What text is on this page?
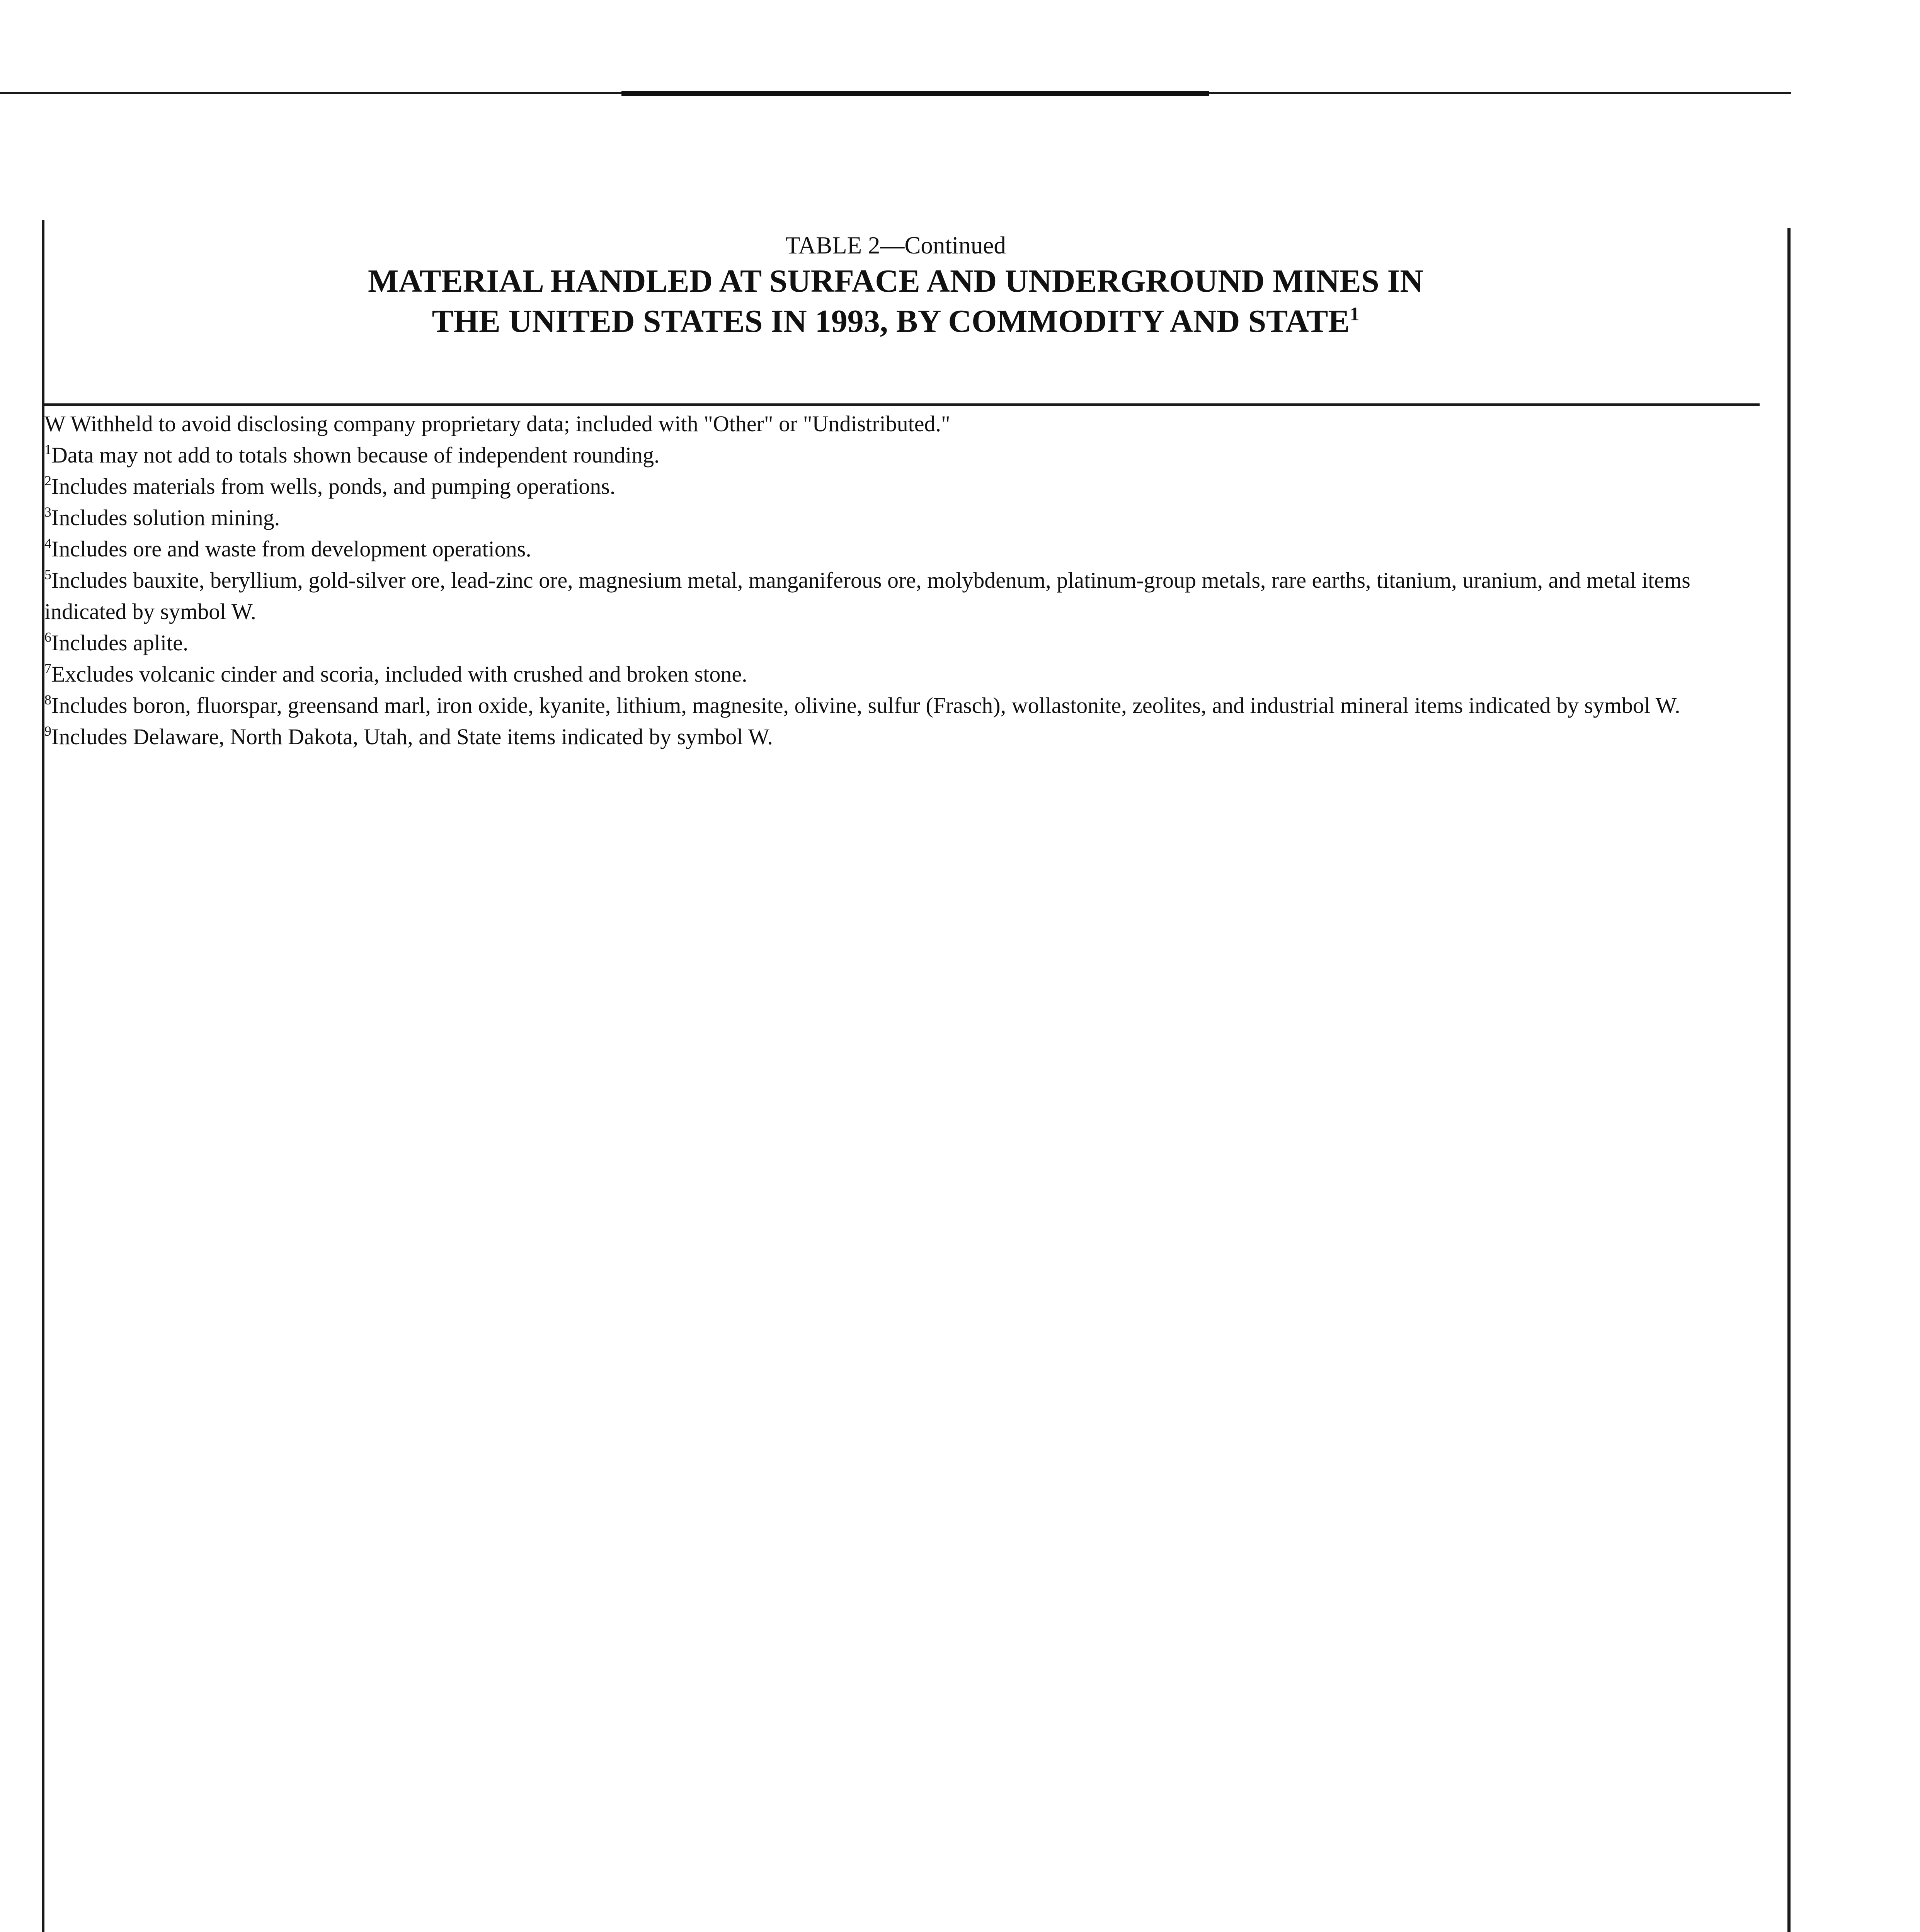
TABLE 2—Continued
MATERIAL HANDLED AT SURFACE AND UNDERGROUND MINES IN
THE UNITED STATES IN 1993, BY COMMODITY AND STATE$^1$
W Withheld to avoid disclosing company proprietary data; included with "Other" or "Undistributed."
$^1$Data may not add to totals shown because of independent rounding.
$^2$Includes materials from wells, ponds, and pumping operations.
$^3$Includes solution mining.
$^4$Includes ore and waste from development operations.
$^5$Includes bauxite, beryllium, gold-silver ore, lead-zinc ore, magnesium metal, manganiferous ore, molybdenum, platinum-group metals, rare earths, titanium, uranium, and metal items indicated by symbol W.
$^6$Includes aplite.
$^7$Excludes volcanic cinder and scoria, included with crushed and broken stone.
$^8$Includes boron, fluorspar, greensand marl, iron oxide, kyanite, lithium, magnesite, olivine, sulfur (Frasch), wollastonite, zeolites, and industrial mineral items indicated by symbol W.
$^9$Includes Delaware, North Dakota, Utah, and State items indicated by symbol W.
